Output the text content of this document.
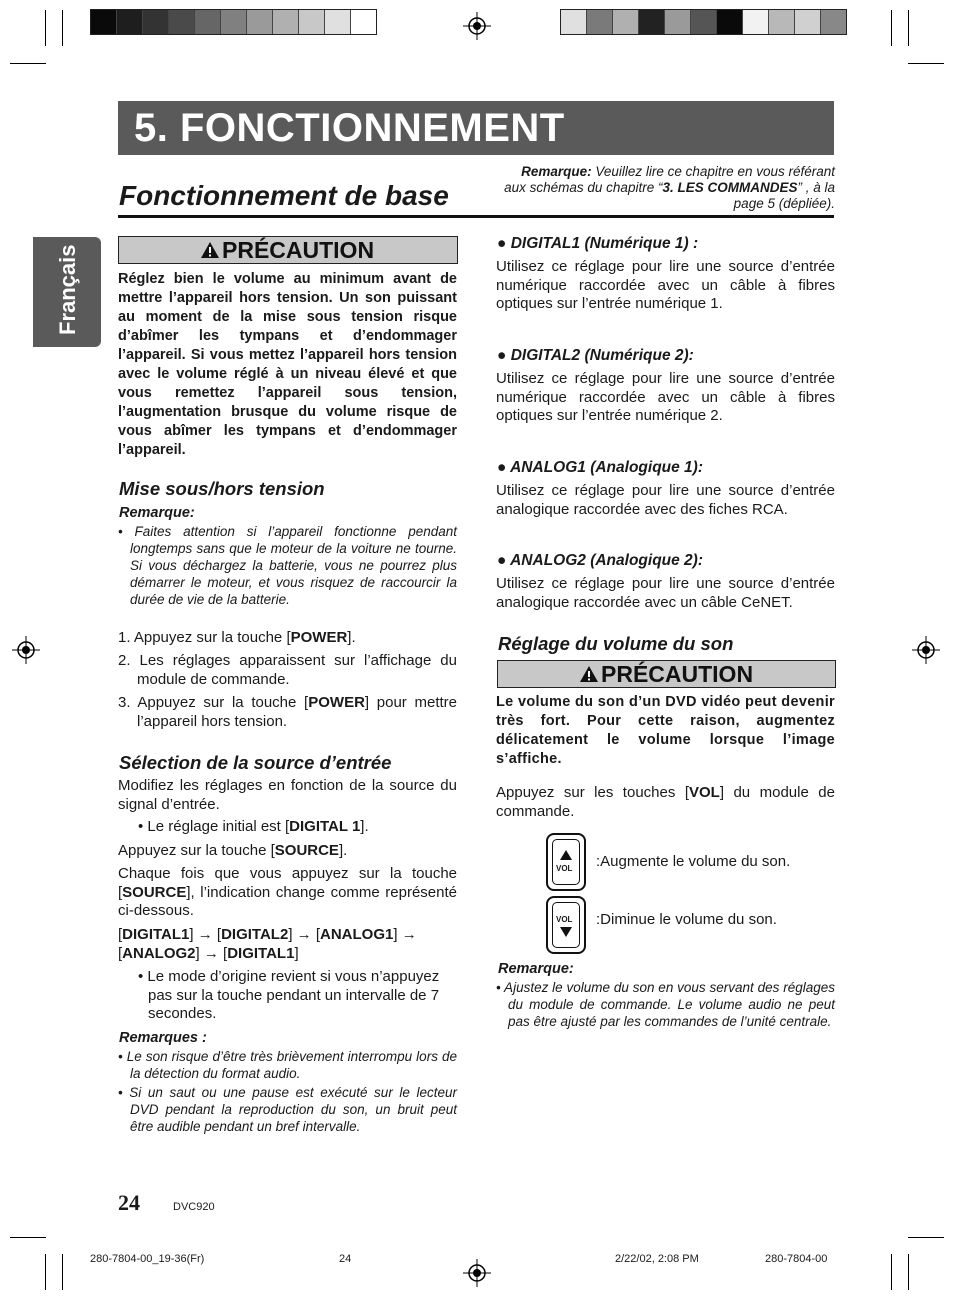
5. FONCTIONNEMENT
Remarque: Veuillez lire ce chapitre en vous référant aux schémas du chapitre “3. LES COMMANDES” , à la page 5 (dépliée).
Fonctionnement de base
Français	PRÉCAUTION
Réglez bien le volume au minimum avant de mettre l’appareil hors tension. Un son puissant au moment de la mise sous tension risque d’abîmer les tympans et d’endommager l’appareil. Si vous mettez l’appareil hors tension avec le volume réglé à un niveau élevé et que vous remettez l’appareil sous tension, l’augmentation brusque du volume risque de vous abîmer les tympans et d’endommager l’appareil.
Mise sous/hors tension
Remarque:
• Faites attention si l’appareil fonctionne pendant longtemps sans que le moteur de la voiture ne tourne. Si vous déchargez la batterie, vous ne pourrez plus démarrer le moteur, et vous risquez de raccourcir la durée de vie de la batterie.
1. Appuyez sur la touche [POWER].
2. Les réglages apparaissent sur l’affichage du module de commande.
3. Appuyez sur la touche [POWER] pour mettre l’appareil hors tension.
Sélection de la source d’entrée
Modifiez les réglages en fonction de la source du signal d’entrée.
• Le réglage initial est [DIGITAL 1].
Appuyez sur la touche [SOURCE].
Chaque fois que vous appuyez sur la touche [SOURCE], l’indication change comme représenté ci-dessous.
[DIGITAL1] → [DIGITAL2] → [ANALOG1] → [ANALOG2] → [DIGITAL1]
• Le mode d’origine revient si vous n’appuyez pas sur la touche pendant un intervalle de 7 secondes.
Remarques :
• Le son risque d’être très brièvement interrompu lors de la détection du format audio.
• Si un saut ou une pause est exécuté sur le lecteur DVD pendant la reproduction du son, un bruit peut être audible pendant un bref intervalle.
● DIGITAL1 (Numérique 1) :
Utilisez ce réglage pour lire une source d’entrée numérique raccordée avec un câble à fibres optiques sur l’entrée numérique 1.
● DIGITAL2 (Numérique 2):
Utilisez ce réglage pour lire une source d’entrée numérique raccordée avec un câble à fibres optiques sur l’entrée numérique 2.
● ANALOG1 (Analogique 1):
Utilisez ce réglage pour lire une source d’entrée analogique raccordée avec des fiches RCA.
● ANALOG2 (Analogique 2):
Utilisez ce réglage pour lire une source d’entrée analogique raccordée avec un câble CeNET.
Réglage du volume du son
PRÉCAUTION
Le volume du son d’un DVD vidéo peut devenir très fort. Pour cette raison, augmentez délicatement le volume lorsque l’image s’affiche.
Appuyez sur les touches [VOL] du module de commande.
VOL :Augmente le volume du son.
VOL :Diminue le volume du son.
Remarque:
• Ajustez le volume du son en vous servant des réglages du module de commande. Le volume audio ne peut pas être ajusté par les commandes de l’unité centrale.
24	DVC920
280-7804-00_19-36(Fr)	24	2/22/02, 2:08 PM	280-7804-00
